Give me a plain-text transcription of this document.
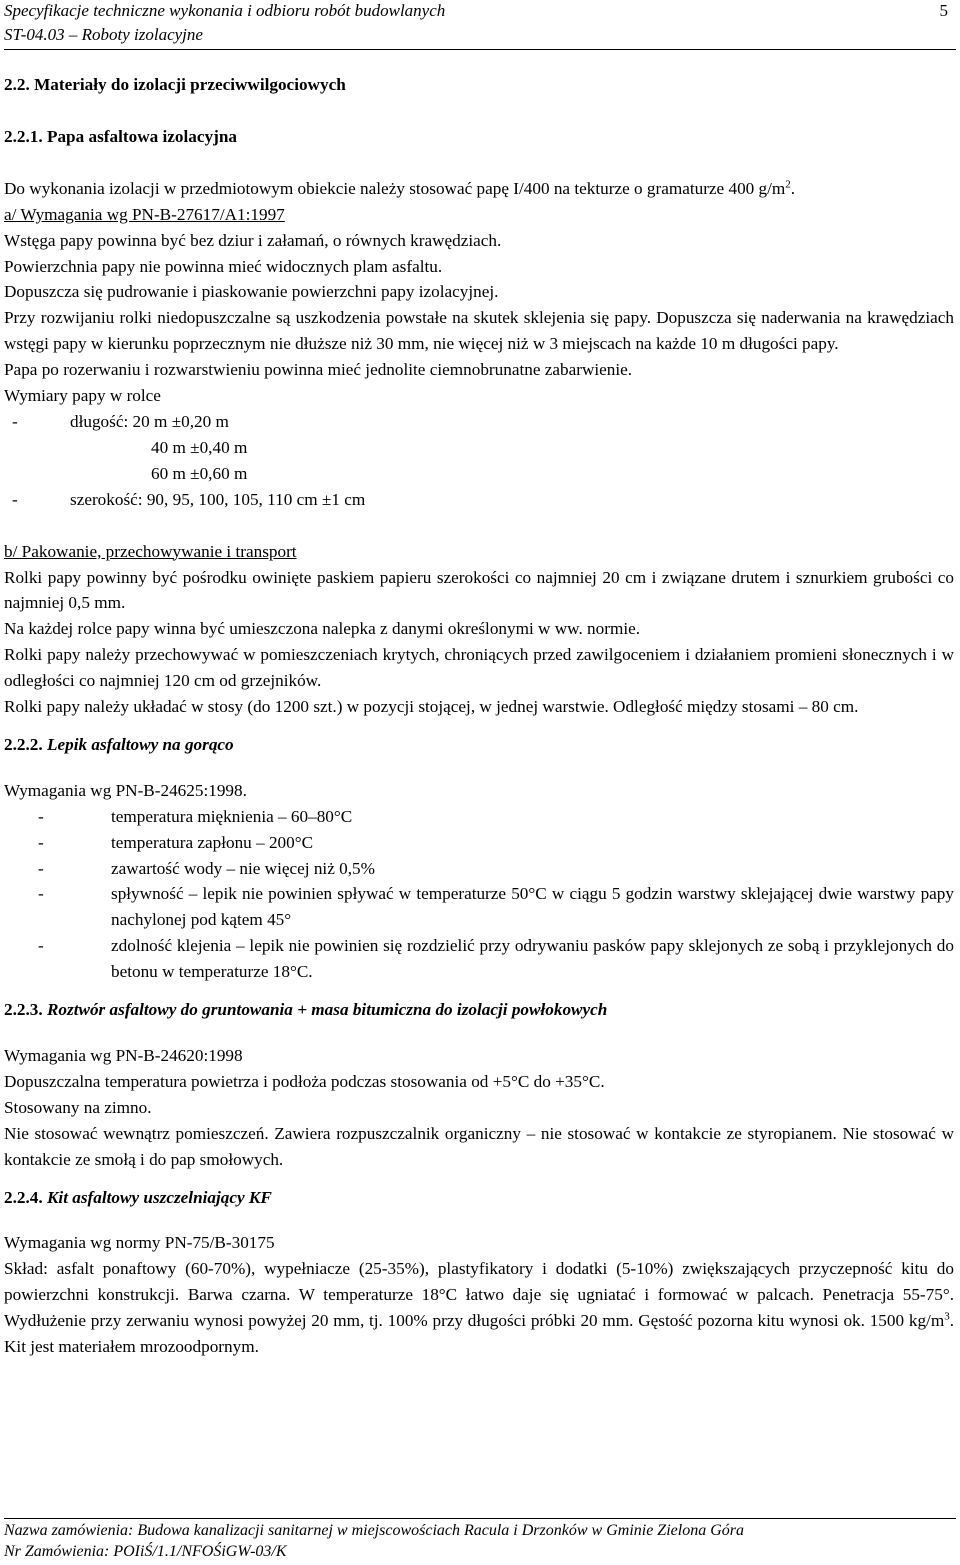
Specyfikacje techniczne wykonania i odbioru robót budowlanych
ST-04.03 – Roboty izolacyjne
5

2.2. Materiały do izolacji przeciwwilgociowych

2.2.1. Papa asfaltowa izolacyjna

Do wykonania izolacji w przedmiotowym obiekcie należy stosować papę I/400 na tekturze o gramaturze 400 $g/m^2$.

a/ Wymagania wg PN-B-27617/A1:1997

Wstęga papy powinna być bez dziur i załamań, o równych krawędziach.

Powierzchnia papy nie powinna mieć widocznych plam asfaltu.

Dopuszcza się pudrowanie i piaskowanie powierzchni papy izolacyjnej.

Przy rozwijaniu rolki niedopuszczalne są uszkodzenia powstałe na skutek sklejenia się papy. Dopuszcza się naderwania na krawędziach wstęgi papy w kierunku poprzecznym nie dłuższe niż 30 mm, nie więcej niż w 3 miejscach na każde 10 m długości papy.

Papa po rozerwaniu i rozwarstwieniu powinna mieć jednolite ciemnobrunatne zabarwienie.

Wymiary papy w rolce

-	długość: 20 m ±0,20 m

40 m ±0,40 m

60 m ±0,60 m

-	szerokość: 90, 95, 100, 105, 110 cm ±1 cm

b/ Pakowanie, przechowywanie i transport

Rolki papy powinny być pośrodku owinięte paskiem papieru szerokości co najmniej 20 cm i związane drutem i sznurkiem grubości co najmniej 0,5 mm.

Na każdej rolce papy winna być umieszczona nalepka z danymi określonymi w ww. normie.

Rolki papy należy przechowywać w pomieszczeniach krytych, chroniących przed zawilgoceniem i działaniem promieni słonecznych i w odległości co najmniej 120 cm od grzejników.

Rolki papy należy układać w stosy (do 1200 szt.) w pozycji stojącej, w jednej warstwie. Odległość między stosami – 80 cm.

2.2.2. Lepik asfaltowy na gorąco

Wymagania wg PN-B-24625:1998.

-	temperatura mięknienia – 60–80°C
-	temperatura zapłonu – 200°C
-	zawartość wody – nie więcej niż 0,5%
-	spływność – lepik nie powinien spływać w temperaturze 50°C w ciągu 5 godzin warstwy sklejającej dwie warstwy papy nachylonej pod kątem 45°
-	zdolność klejenia – lepik nie powinien się rozdzielić przy odrywaniu pasków papy sklejonych ze sobą i przyklejonych do betonu w temperaturze 18°C.

2.2.3. Roztwór asfaltowy do gruntowania + masa bitumiczna do izolacji powłokowych

Wymagania wg PN-B-24620:1998

Dopuszczalna temperatura powietrza i podłoża podczas stosowania od +5°C do +35°C.

Stosowany na zimno.

Nie stosować wewnątrz pomieszczeń. Zawiera rozpuszczalnik organiczny – nie stosować w kontakcie ze styropianem. Nie stosować w kontakcie ze smołą i do pap smołowych.

2.2.4. Kit asfaltowy uszczelniający KF

Wymagania wg normy PN-75/B-30175

Skład: asfalt ponaftowy (60-70%), wypełniacze (25-35%), plastyfikatory i dodatki (5-10%) zwiększających przyczepność kitu do powierzchni konstrukcji. Barwa czarna. W temperaturze 18°C łatwo daje się ugniatać i formować w palcach. Penetracja 55-75°. Wydłużenie przy zerwaniu wynosi powyżej 20 mm, tj. 100% przy długości próbki 20 mm. Gęstość pozorna kitu wynosi ok. 1500 $kg/m^3$. Kit jest materiałem mrozoodpornym.

Nazwa zamówienia: Budowa kanalizacji sanitarnej w miejscowościach Racula i Drzonków w Gminie Zielona Góra
Nr Zamówienia: POIiŚ/1.1/NFOŚiGW-03/K
